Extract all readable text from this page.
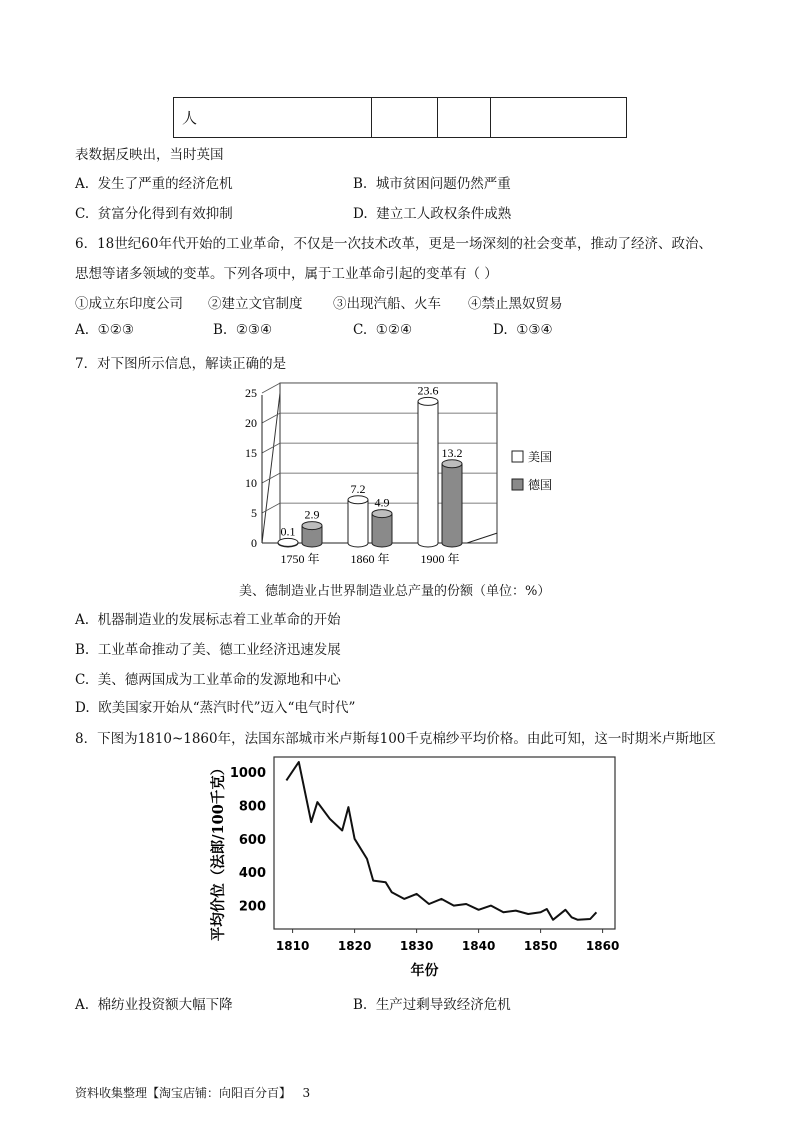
人
表数据反映出，当时英国
A. 发生了严重的经济危机	B. 城市贫困问题仍然严重
C. 贫富分化得到有效抑制	D. 建立工人政权条件成熟
6．18世纪60年代开始的工业革命，不仅是一次技术改革，更是一场深刻的社会变革，推动了经济、政治、
思想等诸多领域的变革。下列各项中，属于工业革命引起的变革有（ ）
①成立东印度公司 ②建立文官制度 ③出现汽船、火车 ④禁止黑奴贸易
A. ①②③	B. ②③④	C. ①②④	D. ①③④
7．对下图所示信息，解读正确的是
0
5
10
15
20
25
0.1
2.9
1750 年
7.2
4.9
1860 年
23.6
13.2
1900 年
美国
德国
美、德制造业占世界制造业总产量的份额（单位：%）
A. 机器制造业的发展标志着工业革命的开始
B. 工业革命推动了美、德工业经济迅速发展
C. 美、德两国成为工业革命的发源地和中心
D. 欧美国家开始从“蒸汽时代”迈入“电气时代”
8．下图为1810~1860年，法国东部城市米卢斯每100千克棉纱平均价格。由此可知，这一时期米卢斯地区
200
400
600
800
1000
1810 1820 1830 1840 1850 1860
年份
平均价位（法郎/100千克）
A. 棉纺业投资额大幅下降	B. 生产过剩导致经济危机
资料收集整理【淘宝店铺：向阳百分百】 3
